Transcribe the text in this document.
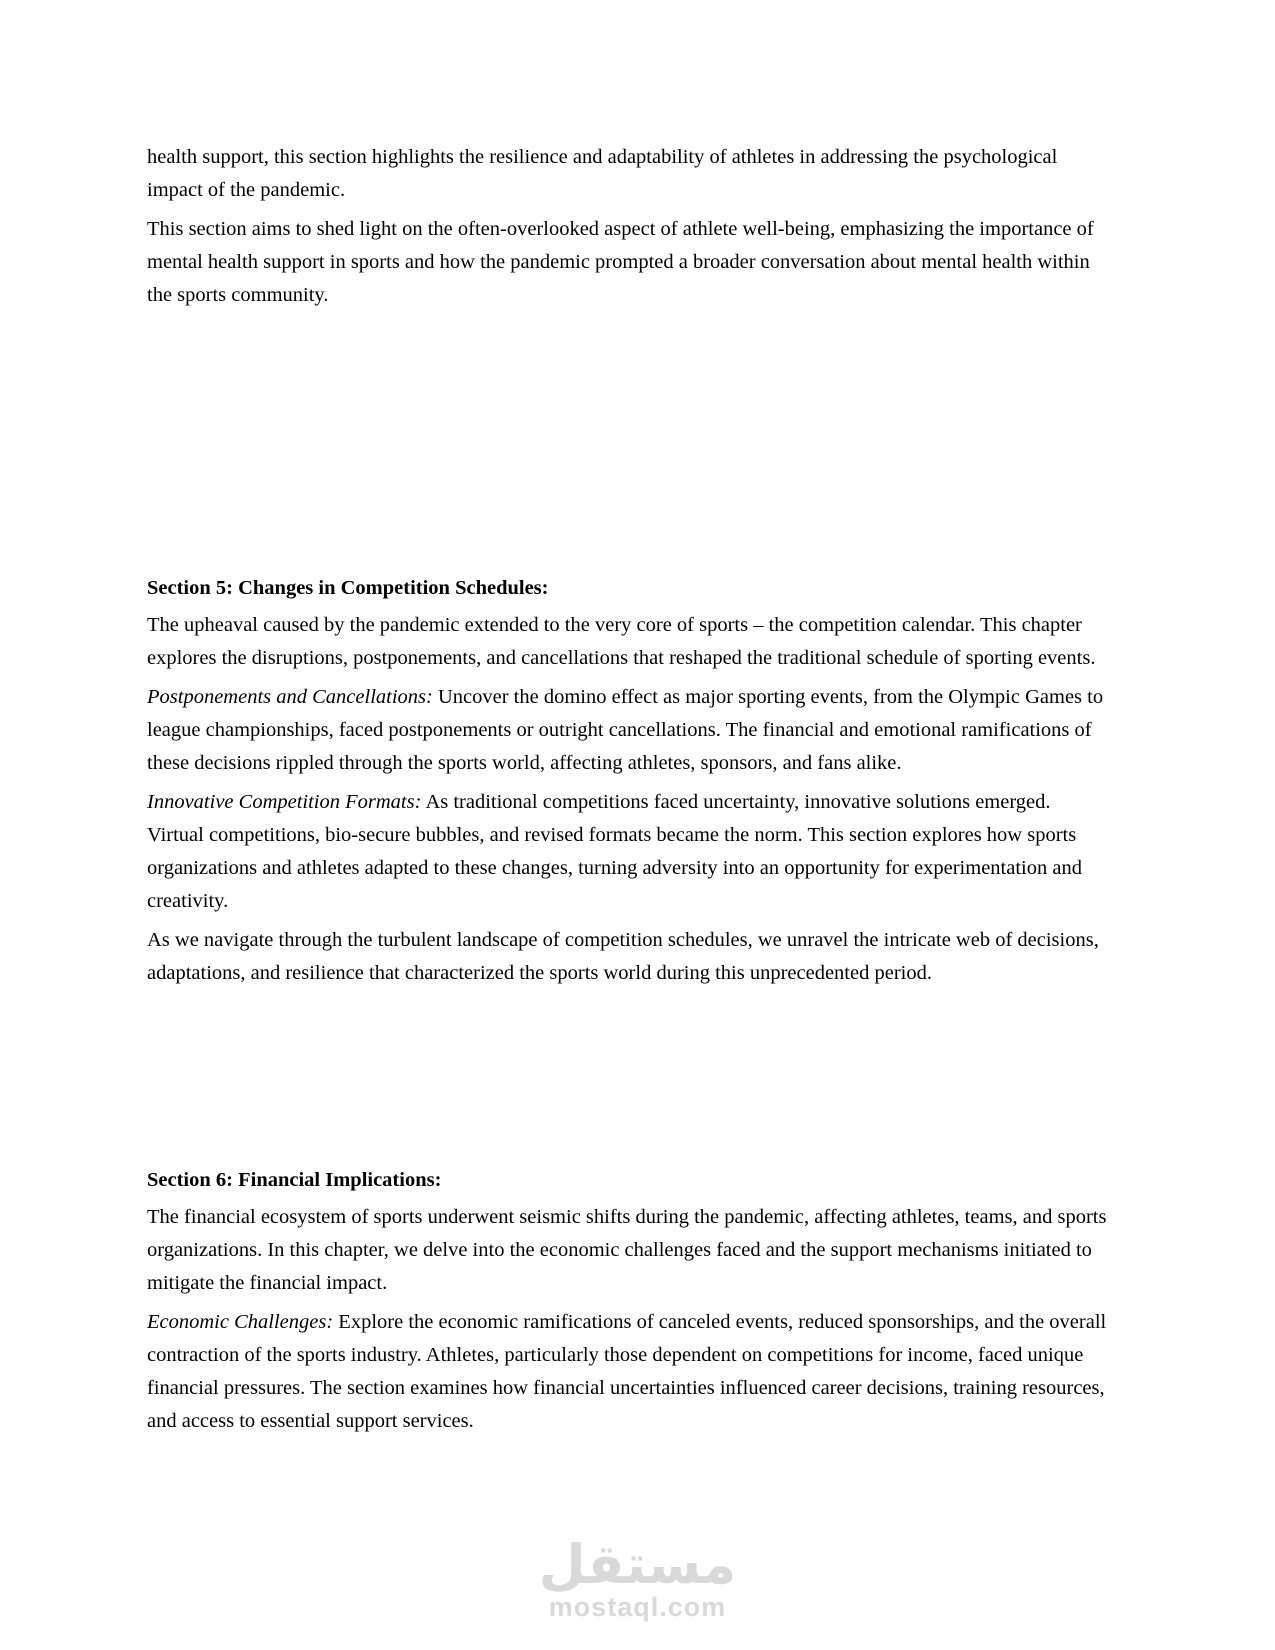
health support, this section highlights the resilience and adaptability of athletes in addressing the psychological impact of the pandemic.

This section aims to shed light on the often-overlooked aspect of athlete well-being, emphasizing the importance of mental health support in sports and how the pandemic prompted a broader conversation about mental health within the sports community.

Section 5: Changes in Competition Schedules:

The upheaval caused by the pandemic extended to the very core of sports – the competition calendar. This chapter explores the disruptions, postponements, and cancellations that reshaped the traditional schedule of sporting events.

Postponements and Cancellations: Uncover the domino effect as major sporting events, from the Olympic Games to league championships, faced postponements or outright cancellations. The financial and emotional ramifications of these decisions rippled through the sports world, affecting athletes, sponsors, and fans alike.

Innovative Competition Formats: As traditional competitions faced uncertainty, innovative solutions emerged. Virtual competitions, bio-secure bubbles, and revised formats became the norm. This section explores how sports organizations and athletes adapted to these changes, turning adversity into an opportunity for experimentation and creativity.

As we navigate through the turbulent landscape of competition schedules, we unravel the intricate web of decisions, adaptations, and resilience that characterized the sports world during this unprecedented period.

Section 6: Financial Implications:

The financial ecosystem of sports underwent seismic shifts during the pandemic, affecting athletes, teams, and sports organizations. In this chapter, we delve into the economic challenges faced and the support mechanisms initiated to mitigate the financial impact.

Economic Challenges: Explore the economic ramifications of canceled events, reduced sponsorships, and the overall contraction of the sports industry. Athletes, particularly those dependent on competitions for income, faced unique financial pressures. The section examines how financial uncertainties influenced career decisions, training resources, and access to essential support services.

مستقل
mostaql.com
